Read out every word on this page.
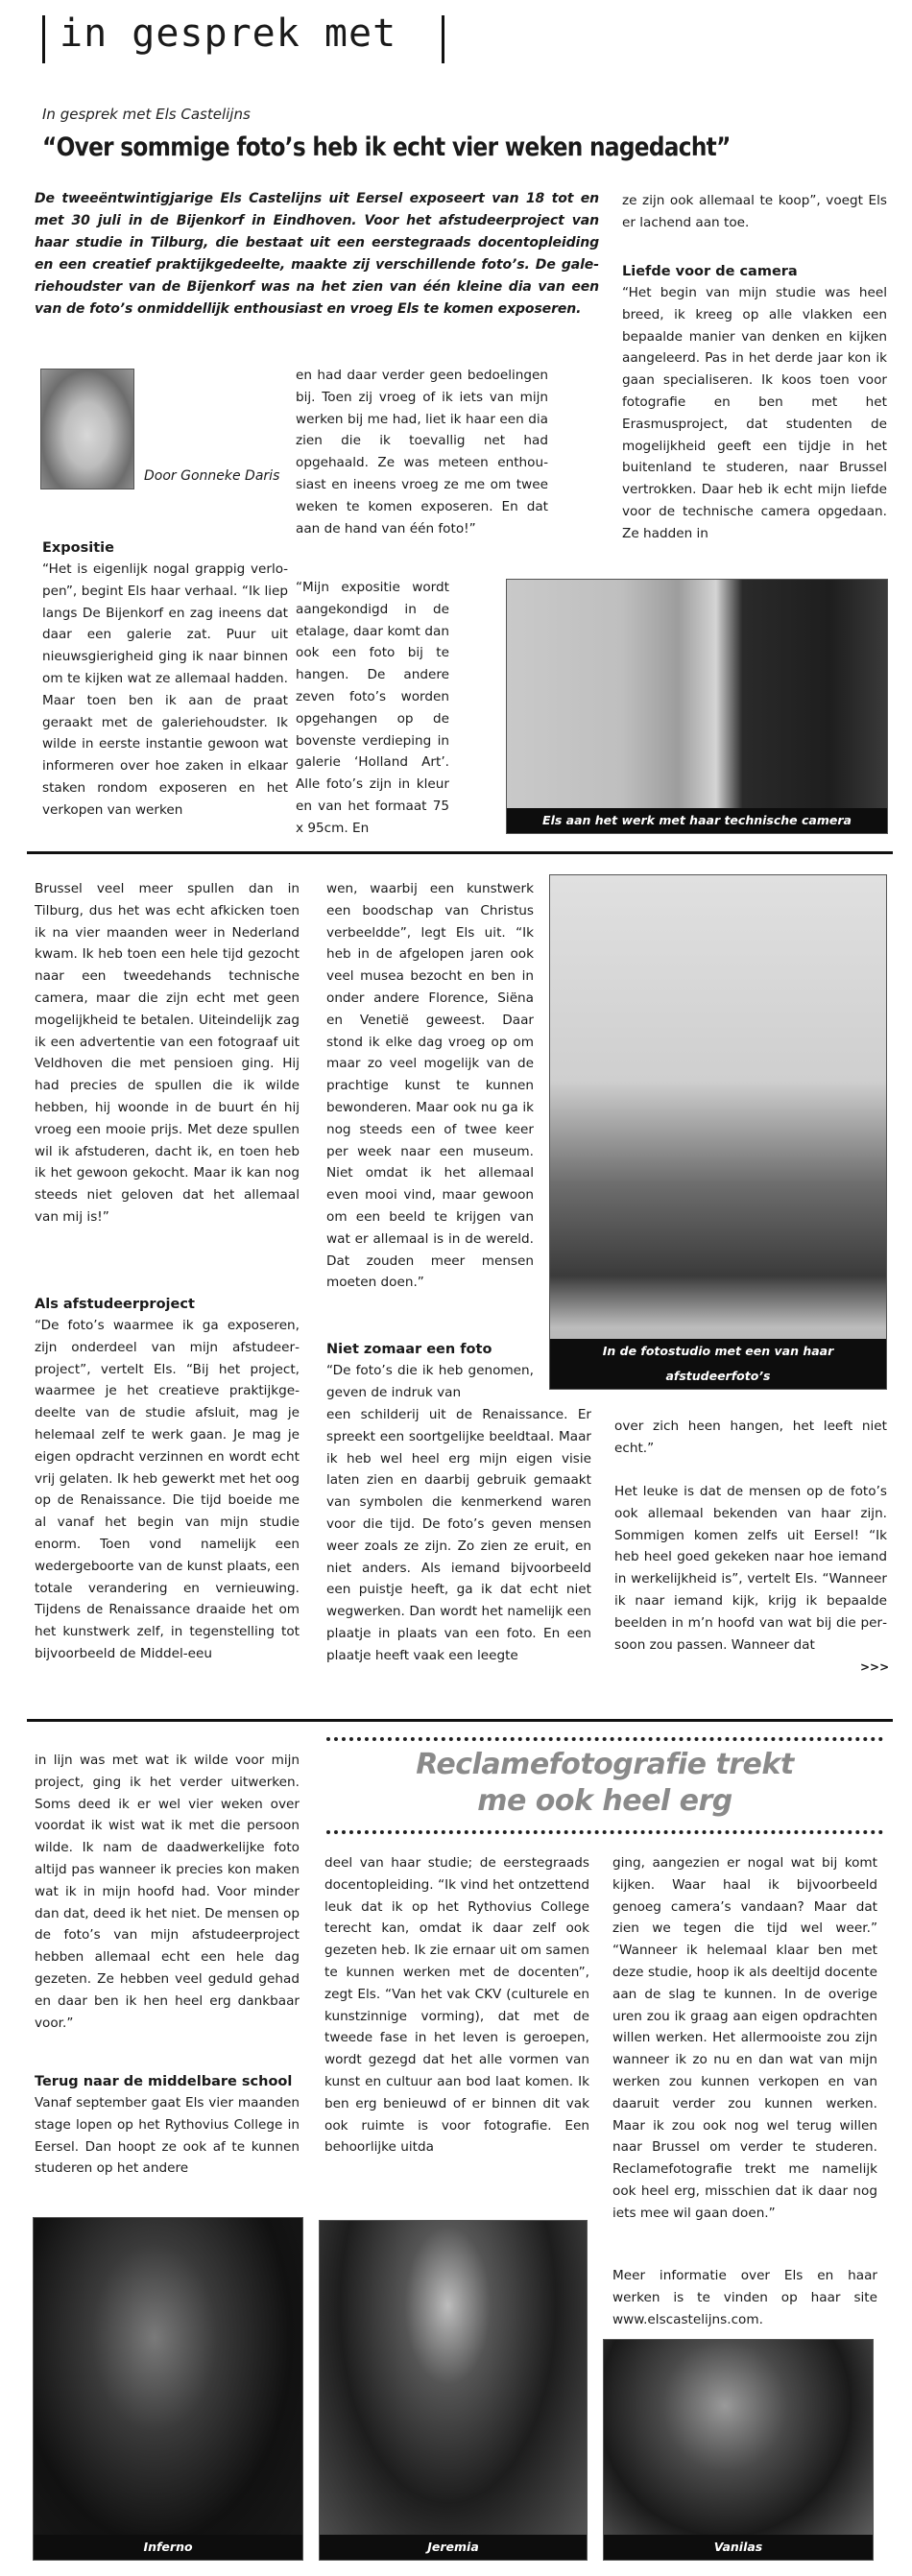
in gesprek met
In gesprek met Els Castelijns
“Over sommige foto’s heb ik echt vier weken nagedacht”
De tweeëntwintigjarige Els Castelijns uit Eersel exposeert van 18 tot en met 30 juli in de Bijenkorf in Eindhoven. Voor het afstudeerproject van haar studie in Tilburg, die bestaat uit een eerstegraads docentopleiding en een creatief praktijkgedeelte, maakte zij verschillende foto’s. De galeriehoudster van de Bijenkorf was na het zien van één kleine dia van een van de foto’s onmiddellijk enthousiast en vroeg Els te komen exposeren.
Door Gonneke Daris

Expositie

“Het is eigenlijk nogal grappig verlopen”, begint Els haar verhaal. “Ik liep langs De Bijenkorf en zag ineens dat daar een galerie zat. Puur uit nieuwsgierigheid ging ik naar binnen om te kijken wat ze allemaal hadden. Maar toen ben ik aan de praat geraakt met de galeriehoudster. Ik wilde in eerste instantie gewoon wat informeren over hoe zaken in elkaar staken rondom exposeren en het verkopen van werken

en had daar verder geen bedoelingen bij. Toen zij vroeg of ik iets van mijn werken bij me had, liet ik haar een dia zien die ik toevallig net had opgehaald. Ze was meteen enthousiast en ineens vroeg ze me om twee weken te komen exposeren. En dat aan de hand van één foto!”
“Mijn expositie wordt aangekondigd in de etalage, daar komt dan ook een foto bij te hangen. De andere zeven foto’s worden opgehangen op de bovenste verdieping in galerie ‘Holland Art’. Alle foto’s zijn in kleur en van het formaat 75 x 95cm. En
ze zijn ook allemaal te koop”, voegt Els er lachend aan toe.

Liefde voor de camera

“Het begin van mijn studie was heel breed, ik kreeg op alle vlakken een bepaalde manier van denken en kijken aangeleerd. Pas in het derde jaar kon ik gaan specialiseren. Ik koos toen voor fotografie en ben met het Erasmusproject, dat studenten de mogelijkheid geeft een tijdje in het buitenland te studeren, naar Brussel vertrokken. Daar heb ik echt mijn liefde voor de technische camera opgedaan. Ze hadden in

Els aan het werk met haar technische camera
Brussel veel meer spullen dan in Tilburg, dus het was echt afkicken toen ik na vier maanden weer in Nederland kwam. Ik heb toen een hele tijd gezocht naar een tweedehands technische camera, maar die zijn echt met geen mogelijkheid te betalen. Uiteindelijk zag ik een advertentie van een fotograaf uit Veldhoven die met pensioen ging. Hij had precies de spullen die ik wilde hebben, hij woonde in de buurt én hij vroeg een mooie prijs. Met deze spullen wil ik afstuderen, dacht ik, en toen heb ik het gewoon gekocht. Maar ik kan nog steeds niet geloven dat het allemaal van mij is!”

Als afstudeerproject

“De foto’s waarmee ik ga exposeren, zijn onderdeel van mijn afstudeerproject”, vertelt Els. “Bij het project, waarmee je het creatieve praktijkgedeelte van de studie afsluit, mag je helemaal zelf te werk gaan. Je mag je eigen opdracht verzinnen en wordt echt vrij gelaten. Ik heb gewerkt met het oog op de Renaissance. Die tijd boeide me al vanaf het begin van mijn studie enorm. Toen vond namelijk een wedergeboorte van de kunst plaats, een totale verandering en vernieuwing. Tijdens de Renaissance draaide het om het kunstwerk zelf, in tegenstelling tot bijvoorbeeld de Middel-eeu

wen, waarbij een kunstwerk een boodschap van Christus verbeeldde”, legt Els uit. “Ik heb in de afgelopen jaren ook veel musea bezocht en ben in onder andere Florence, Siëna en Venetië geweest. Daar stond ik elke dag vroeg op om maar zo veel mogelijk van de prachtige kunst te kunnen bewonderen. Maar ook nu ga ik nog steeds een of twee keer per week naar een museum. Niet omdat ik het allemaal even mooi vind, maar gewoon om een beeld te krijgen van wat er allemaal is in de wereld. Dat zouden meer mensen moeten doen.”

Niet zomaar een foto

“De foto’s die ik heb genomen, geven de indruk van

een schilderij uit de Renaissance. Er spreekt een soortgelijke beeldtaal. Maar ik heb wel heel erg mijn eigen visie laten zien en daarbij gebruik gemaakt van symbolen die kenmerkend waren voor die tijd. De foto’s geven mensen weer zoals ze zijn. Zo zien ze eruit, en niet anders. Als iemand bijvoorbeeld een puistje heeft, ga ik dat echt niet wegwerken. Dan wordt het namelijk een plaatje in plaats van een foto. En een plaatje heeft vaak een leegte
In de fotostudio met een van haar afstudeerfoto’s
over zich heen hangen, het leeft niet echt.”
Het leuke is dat de mensen op de foto’s ook allemaal bekenden van haar zijn. Sommigen komen zelfs uit Eersel! “Ik heb heel goed gekeken naar hoe iemand in werkelijkheid is”, vertelt Els. “Wanneer ik naar iemand kijk, krijg ik bepaalde beelden in m’n hoofd van wat bij die persoon zou passen. Wanneer dat
>>>
in lijn was met wat ik wilde voor mijn project, ging ik het verder uitwerken. Soms deed ik er wel vier weken over voordat ik wist wat ik met die persoon wilde. Ik nam de daadwerkelijke foto altijd pas wanneer ik precies kon maken wat ik in mijn hoofd had. Voor minder dan dat, deed ik het niet. De mensen op de foto’s van mijn afstudeerproject hebben allemaal echt een hele dag gezeten. Ze hebben veel geduld gehad en daar ben ik hen heel erg dankbaar voor.”

Terug naar de middelbare school

Vanaf september gaat Els vier maanden stage lopen op het Rythovius College in Eersel. Dan hoopt ze ook af te kunnen studeren op het andere

Reclamefotografie trekt
me ook heel erg
deel van haar studie; de eerstegraads docentopleiding. “Ik vind het ontzettend leuk dat ik op het Rythovius College terecht kan, omdat ik daar zelf ook gezeten heb. Ik zie ernaar uit om samen te kunnen werken met de docenten”, zegt Els. “Van het vak CKV (culturele en kunstzinnige vorming), dat met de tweede fase in het leven is geroepen, wordt gezegd dat het alle vormen van kunst en cultuur aan bod laat komen. Ik ben erg benieuwd of er binnen dit vak ook ruimte is voor fotografie. Een behoorlijke uitda
ging, aangezien er nogal wat bij komt kijken. Waar haal ik bijvoorbeeld genoeg camera’s vandaan? Maar dat zien we tegen die tijd wel weer.” “Wanneer ik helemaal klaar ben met deze studie, hoop ik als deeltijd docente aan de slag te kunnen. In de overige uren zou ik graag aan eigen opdrachten willen werken. Het allermooiste zou zijn wanneer ik zo nu en dan wat van mijn werken zou kunnen verkopen en van daaruit verder zou kunnen werken. Maar ik zou ook nog wel terug willen naar Brussel om verder te studeren. Reclamefotografie trekt me namelijk ook heel erg, misschien dat ik daar nog iets mee wil gaan doen.”
Meer informatie over Els en haar werken is te vinden op haar site www.elscastelijns.com.
Inferno	Jeremia	Vanilas
